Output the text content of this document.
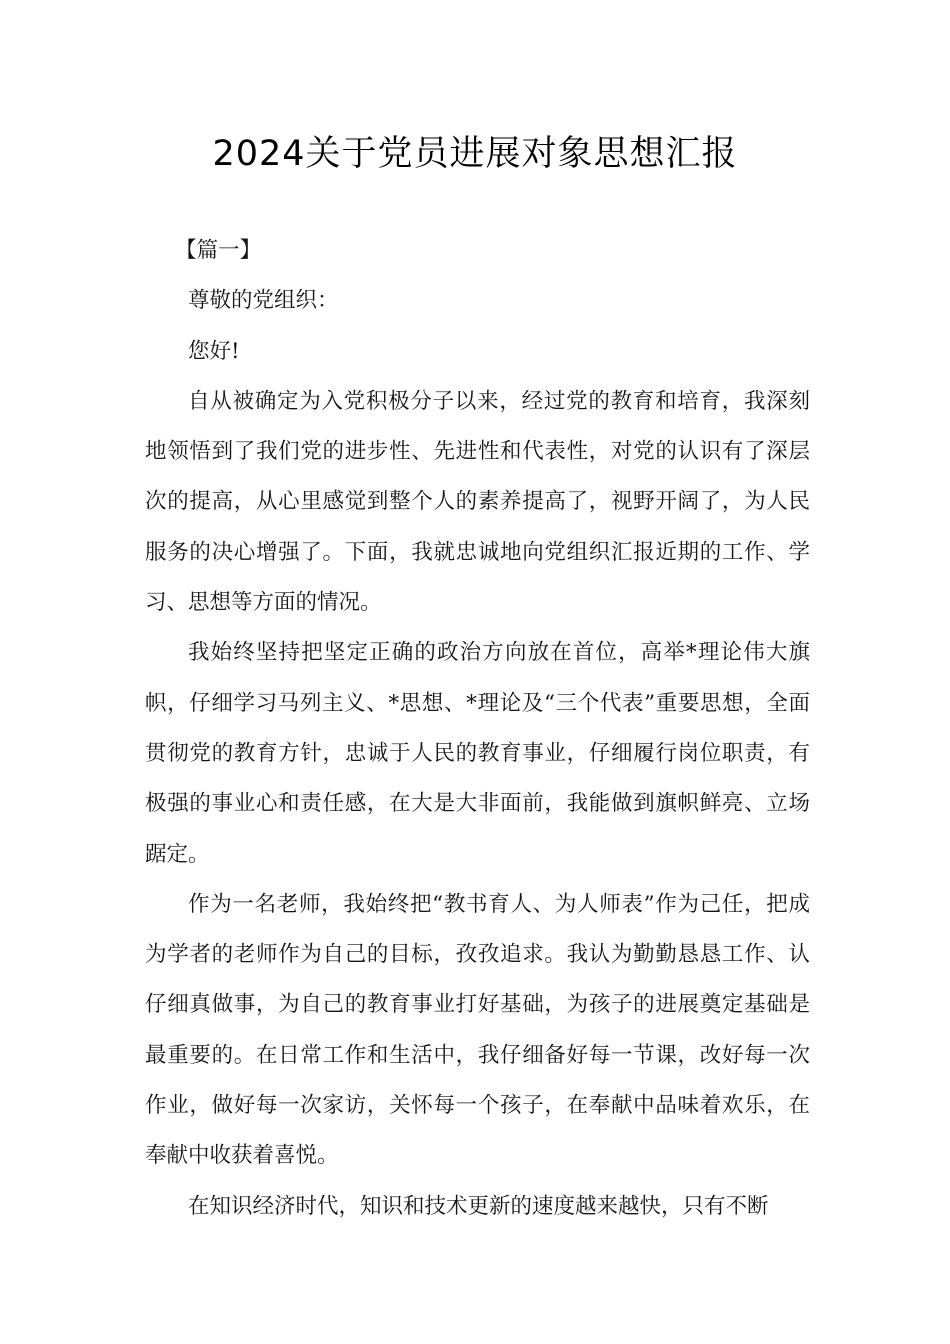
2024关于党员进展对象思想汇报

【篇一】

尊敬的党组织：

您好!

自从被确定为入党积极分子以来，经过党的教育和培育，我深刻地领悟到了我们党的进步性、先进性和代表性，对党的认识有了深层次的提高，从心里感觉到整个人的素养提高了，视野开阔了，为人民服务的决心增强了。下面，我就忠诚地向党组织汇报近期的工作、学习、思想等方面的情况。

我始终坚持把坚定正确的政治方向放在首位，高举*理论伟大旗帜，仔细学习马列主义、*思想、*理论及“三个代表”重要思想，全面贯彻党的教育方针，忠诚于人民的教育事业，仔细履行岗位职责，有极强的事业心和责任感，在大是大非面前，我能做到旗帜鲜亮、立场踞定。

作为一名老师，我始终把“教书育人、为人师表”作为己任，把成为学者的老师作为自己的目标，孜孜追求。我认为勤勤恳恳工作、认仔细真做事，为自己的教育事业打好基础，为孩子的进展奠定基础是最重要的。在日常工作和生活中，我仔细备好每一节课，改好每一次作业，做好每一次家访，关怀每一个孩子，在奉献中品味着欢乐，在奉献中收获着喜悦。

在知识经济时代，知识和技术更新的速度越来越快，只有不断
